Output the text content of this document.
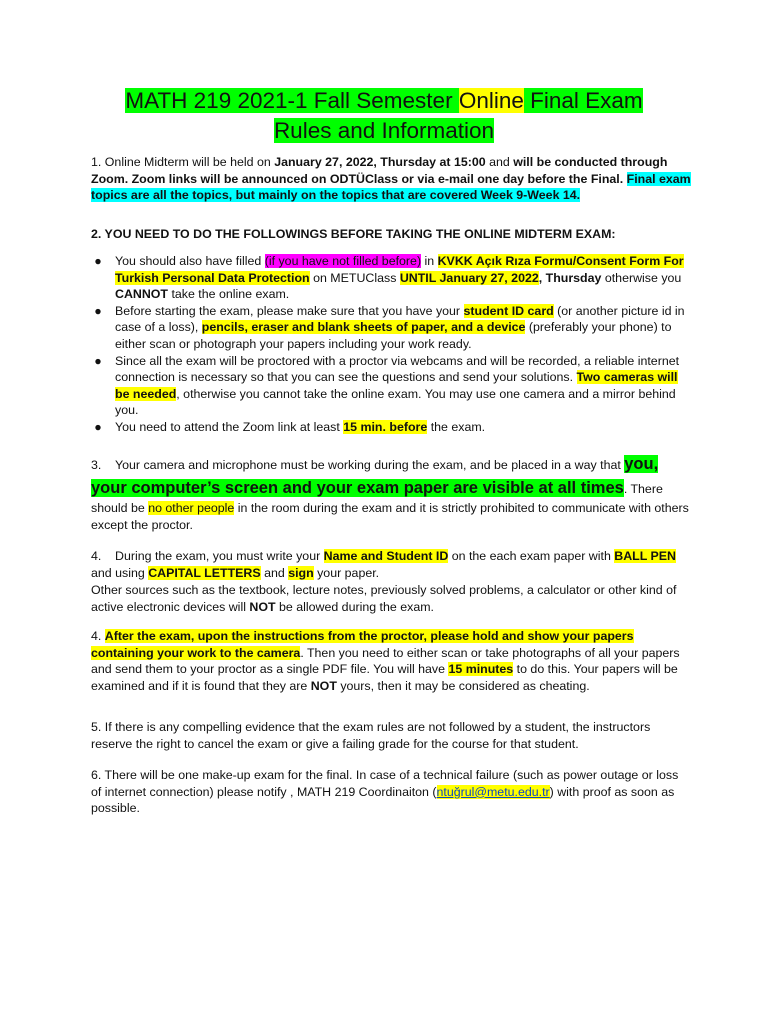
MATH 219 2021-1 Fall Semester Online Final Exam
Rules and Information
1. Online Midterm will be held on January 27, 2022, Thursday at 15:00 and will be conducted through Zoom. Zoom links will be announced on ODTÜClass or via e-mail one day before the Final. Final exam topics are all the topics, but mainly on the topics that are covered Week 9-Week 14.
2. YOU NEED TO DO THE FOLLOWINGS BEFORE TAKING THE ONLINE MIDTERM EXAM:
● You should also have filled (if you have not filled before) in KVKK Açık Rıza Formu/Consent Form For Turkish Personal Data Protection on METUClass UNTIL January 27, 2022, Thursday otherwise you CANNOT take the online exam.
● Before starting the exam, please make sure that you have your student ID card (or another picture id in case of a loss), pencils, eraser and blank sheets of paper, and a device (preferably your phone) to either scan or photograph your papers including your work ready.
● Since all the exam will be proctored with a proctor via webcams and will be recorded, a reliable internet connection is necessary so that you can see the questions and send your solutions. Two cameras will be needed, otherwise you cannot take the online exam. You may use one camera and a mirror behind you.
● You need to attend the Zoom link at least 15 min. before the exam.
3. Your camera and microphone must be working during the exam, and be placed in a way that you, your computer’s screen and your exam paper are visible at all times. There should be no other people in the room during the exam and it is strictly prohibited to communicate with others except the proctor.
4. During the exam, you must write your Name and Student ID on the each exam paper with BALL PEN and using CAPITAL LETTERS and sign your paper.
Other sources such as the textbook, lecture notes, previously solved problems, a calculator or other kind of active electronic devices will NOT be allowed during the exam.
4. After the exam, upon the instructions from the proctor, please hold and show your papers containing your work to the camera. Then you need to either scan or take photographs of all your papers and send them to your proctor as a single PDF file. You will have 15 minutes to do this. Your papers will be examined and if it is found that they are NOT yours, then it may be considered as cheating.
5. If there is any compelling evidence that the exam rules are not followed by a student, the instructors reserve the right to cancel the exam or give a failing grade for the course for that student.
6. There will be one make-up exam for the final. In case of a technical failure (such as power outage or loss of internet connection) please notify , MATH 219 Coordinaiton (ntuğrul@metu.edu.tr) with proof as soon as possible.
